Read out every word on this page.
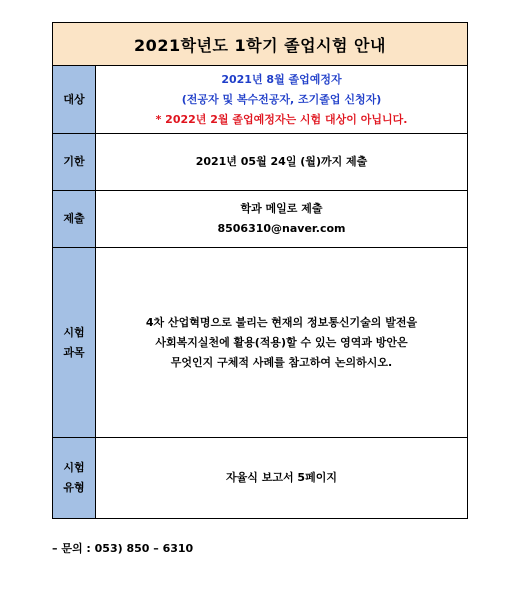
2021학년도 1학기 졸업시험 안내
대상
2021년 8월 졸업예정자
(전공자 및 복수전공자, 조기졸업 신청자)
* 2022년 2월 졸업예정자는 시험 대상이 아닙니다.
기한	2021년 05월 24일 (월)까지 제출
제출
학과 메일로 제출
8506310@naver.com
시험
과목
4차 산업혁명으로 불리는 현재의 정보통신기술의 발전을
사회복지실천에 활용(적용)할 수 있는 영역과 방안은
무엇인지 구체적 사례를 참고하여 논의하시오.
시험
유형
자율식 보고서 5페이지
– 문의 : 053) 850 – 6310
